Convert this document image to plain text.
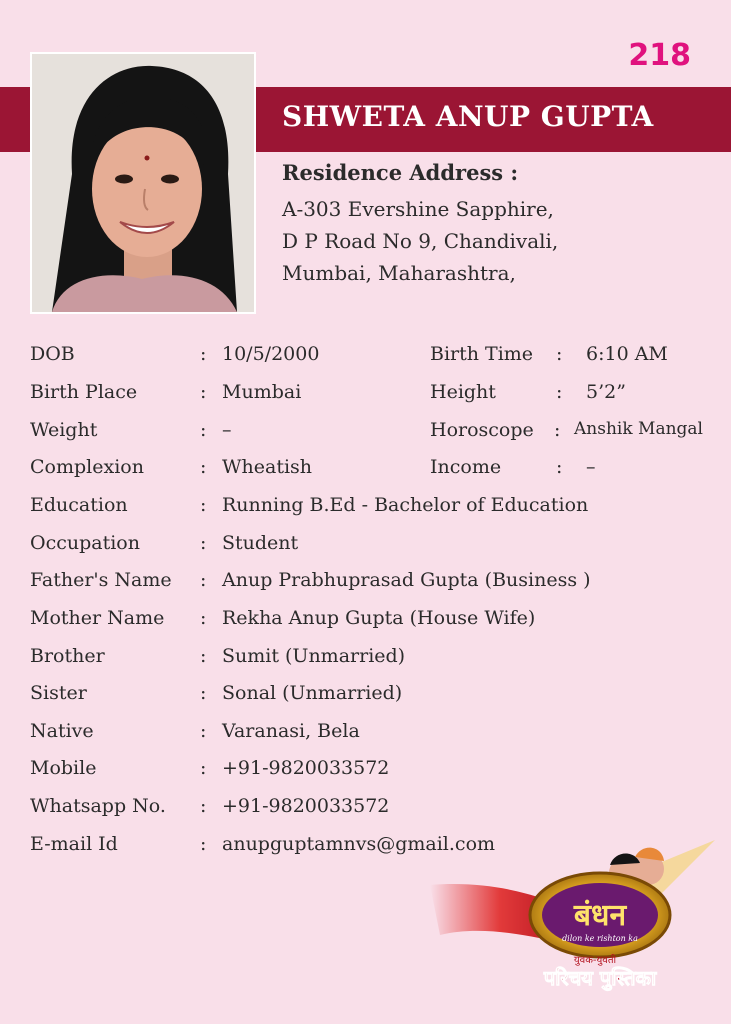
218
SHWETA ANUP GUPTA
Residence Address :
A-303 Evershine Sapphire,
D P Road No 9, Chandivali,
Mumbai, Maharashtra,
DOB	: 10/5/2000	Birth Time : 6:10 AM
Birth Place	: Mumbai	Height	: 5’2”
Weight	: –	Horoscope : Anshik Mangal
Complexion	: Wheatish	Income	: –
Education	: Running B.Ed - Bachelor of Education
Occupation	: Student
Father's Name : Anup Prabhuprasad Gupta (Business )
Mother Name : Rekha Anup Gupta (House Wife)
Brother	: Sumit (Unmarried)
Sister	: Sonal (Unmarried)
Native	: Varanasi, Bela
Mobile	: +91-9820033572
Whatsapp No. : +91-9820033572
E-mail Id	: anupguptamnvs@gmail.com
बंधन
dilon ke rishton ka
युवक-युवती
परिचय पुस्तिका
